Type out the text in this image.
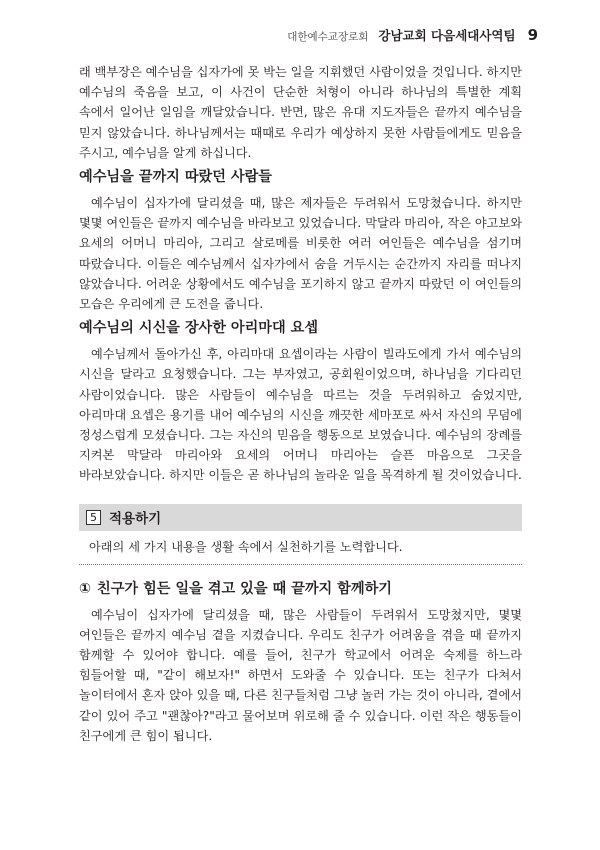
대한예수교장로회 강남교회 다음세대사역팀 9

래 백부장은 예수님을 십자가에 못 박는 일을 지휘했던 사람이었을 것입니다. 하지만 예수님의 죽음을 보고, 이 사건이 단순한 처형이 아니라 하나님의 특별한 계획 속에서 일어난 일임을 깨달았습니다. 반면, 많은 유대 지도자들은 끝까지 예수님을 믿지 않았습니다. 하나님께서는 때때로 우리가 예상하지 못한 사람들에게도 믿음을 주시고, 예수님을 알게 하십니다.

예수님을 끝까지 따랐던 사람들

예수님이 십자가에 달리셨을 때, 많은 제자들은 두려워서 도망쳤습니다. 하지만 몇몇 여인들은 끝까지 예수님을 바라보고 있었습니다. 막달라 마리아, 작은 야고보와 요세의 어머니 마리아, 그리고 살로메를 비롯한 여러 여인들은 예수님을 섬기며 따랐습니다. 이들은 예수님께서 십자가에서 숨을 거두시는 순간까지 자리를 떠나지 않았습니다. 어려운 상황에서도 예수님을 포기하지 않고 끝까지 따랐던 이 여인들의 모습은 우리에게 큰 도전을 줍니다.

예수님의 시신을 장사한 아리마대 요셉

예수님께서 돌아가신 후, 아리마대 요셉이라는 사람이 빌라도에게 가서 예수님의 시신을 달라고 요청했습니다. 그는 부자였고, 공회원이었으며, 하나님을 기다리던 사람이었습니다. 많은 사람들이 예수님을 따르는 것을 두려워하고 숨었지만, 아리마대 요셉은 용기를 내어 예수님의 시신을 깨끗한 세마포로 싸서 자신의 무덤에 정성스럽게 모셨습니다. 그는 자신의 믿음을 행동으로 보였습니다. 예수님의 장례를 지켜본 막달라 마리아와 요세의 어머니 마리아는 슬픈 마음으로 그곳을 바라보았습니다. 하지만 이들은 곧 하나님의 놀라운 일을 목격하게 될 것이었습니다.

5 적용하기
아래의 세 가지 내용을 생활 속에서 실천하기를 노력합니다.
① 친구가 힘든 일을 겪고 있을 때 끝까지 함께하기

예수님이 십자가에 달리셨을 때, 많은 사람들이 두려워서 도망쳤지만, 몇몇 여인들은 끝까지 예수님 곁을 지켰습니다. 우리도 친구가 어려움을 겪을 때 끝까지 함께할 수 있어야 합니다. 예를 들어, 친구가 학교에서 어려운 숙제를 하느라 힘들어할 때, "같이 해보자!" 하면서 도와줄 수 있습니다. 또는 친구가 다쳐서 놀이터에서 혼자 앉아 있을 때, 다른 친구들처럼 그냥 놀러 가는 것이 아니라, 곁에서 같이 있어 주고 "괜찮아?"라고 물어보며 위로해 줄 수 있습니다. 이런 작은 행동들이 친구에게 큰 힘이 됩니다.
